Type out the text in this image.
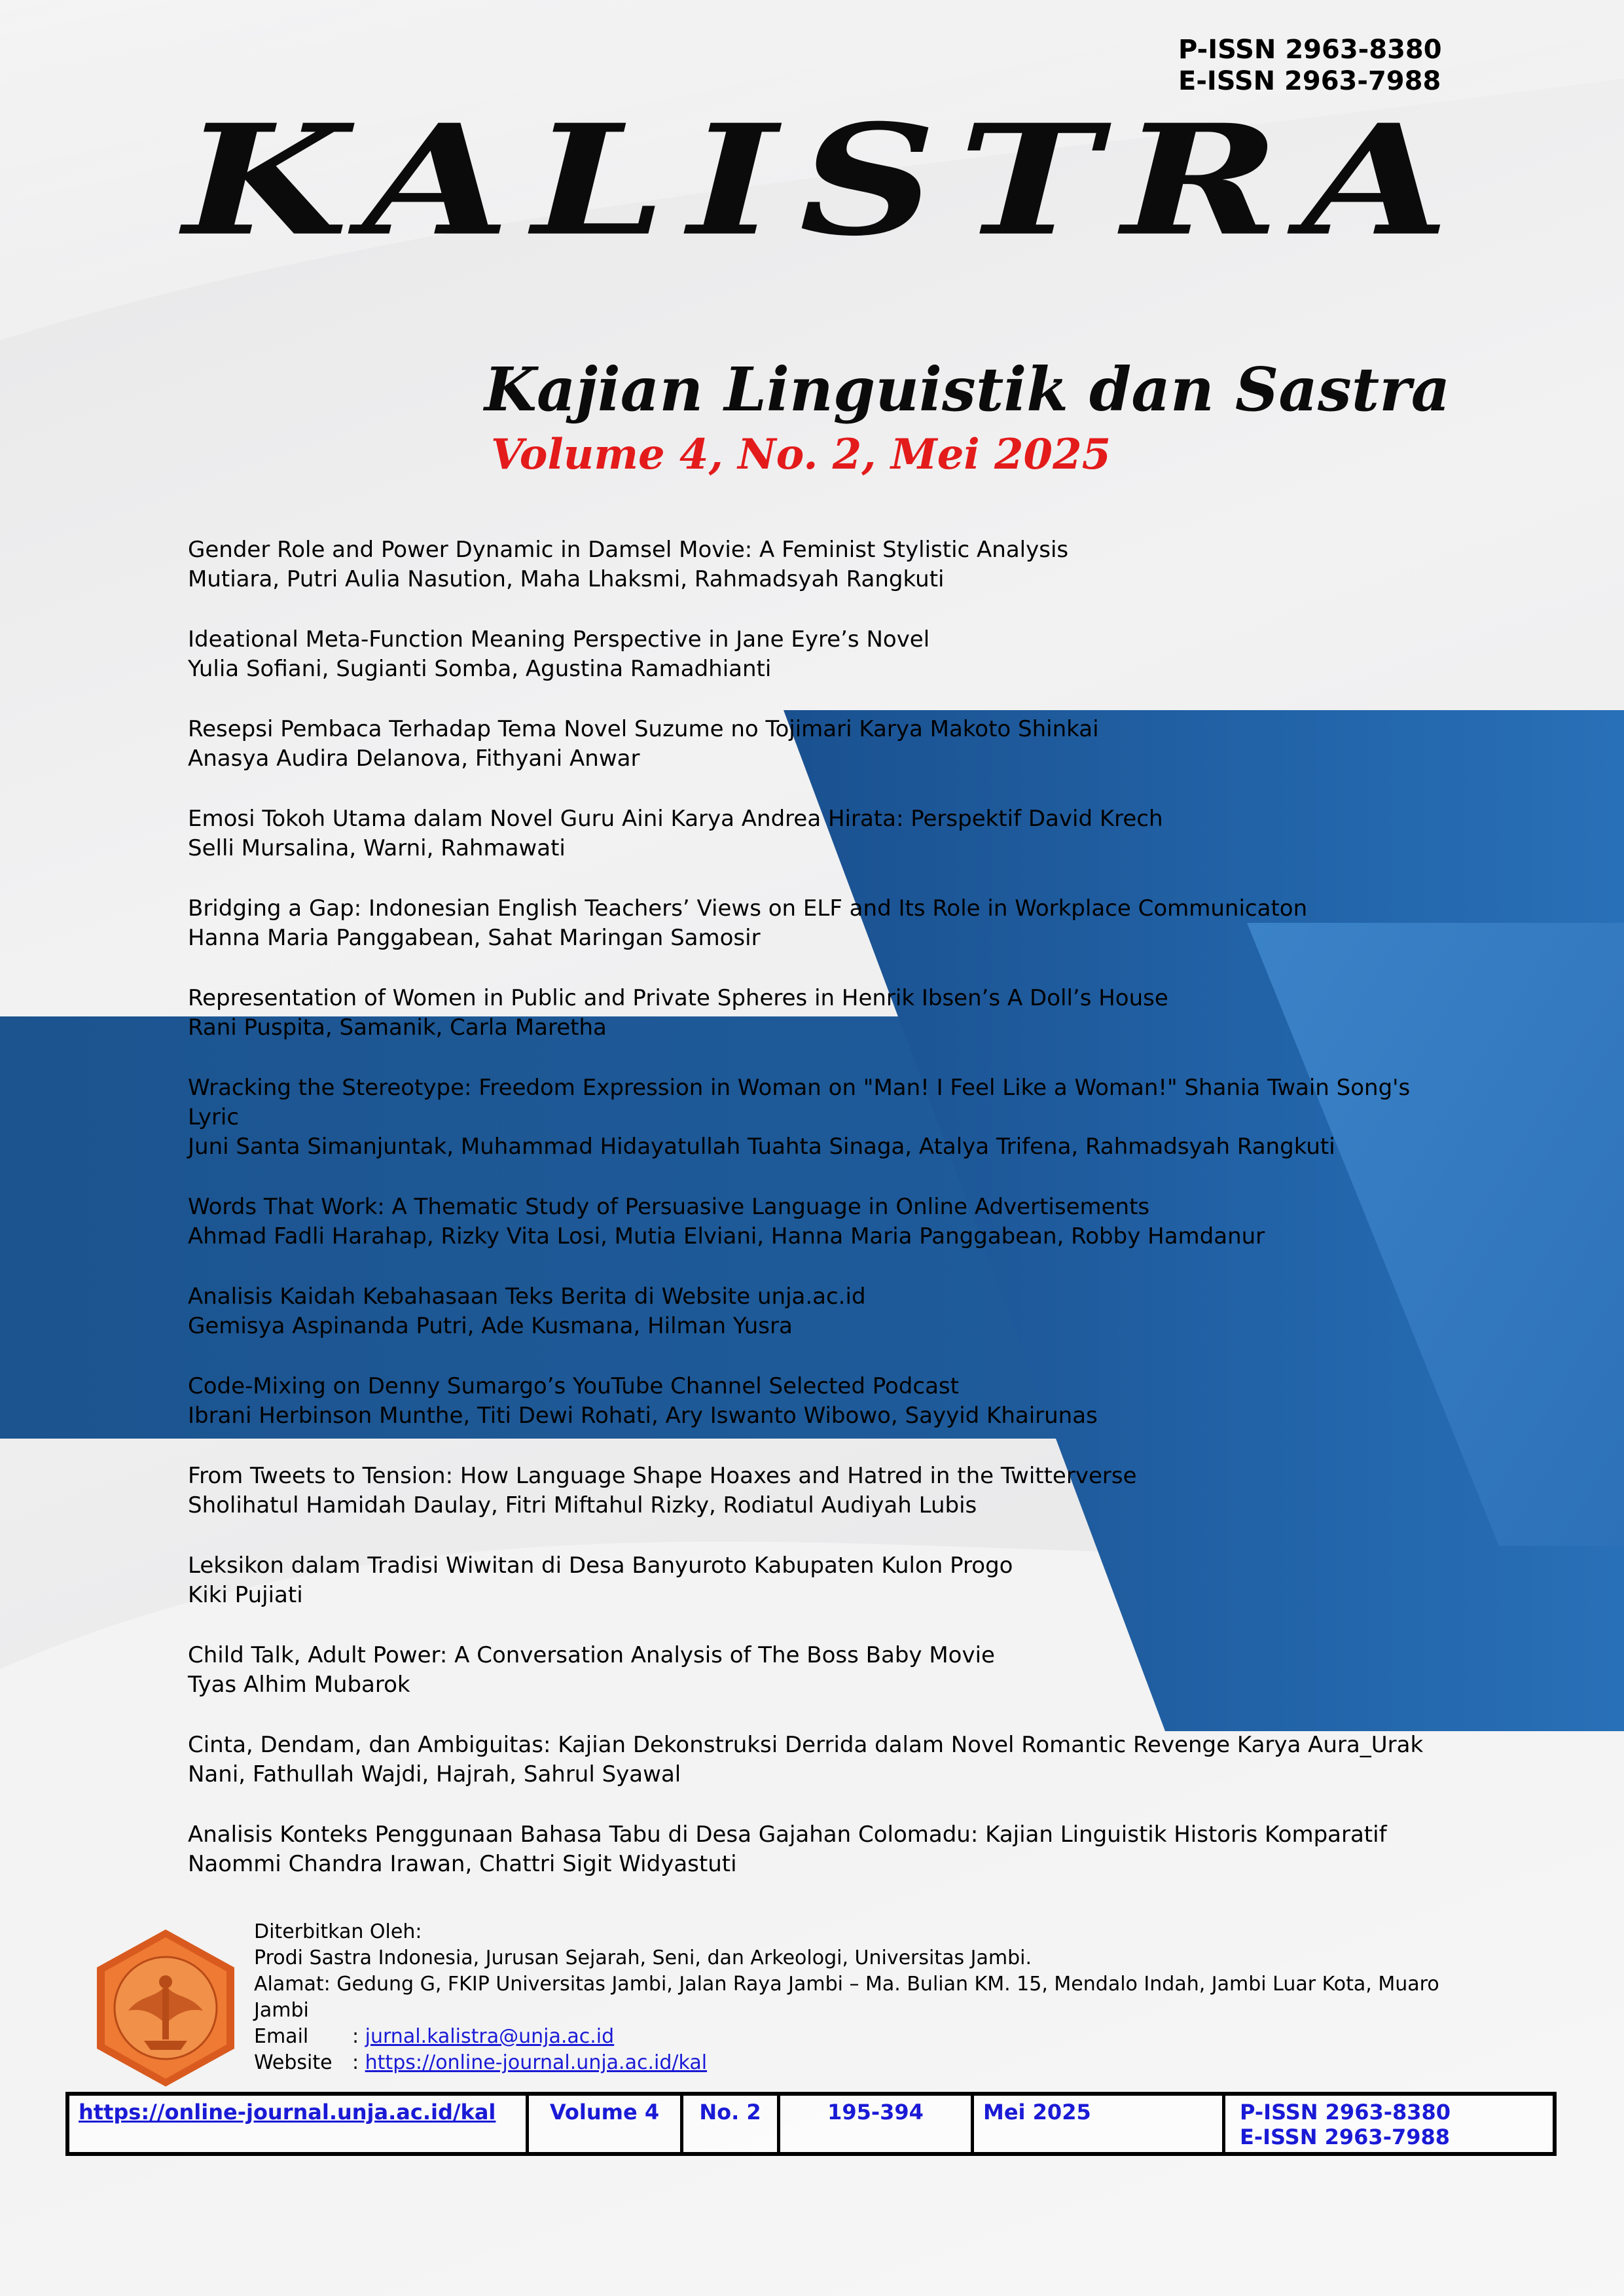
P-ISSN 2963-8380
E-ISSN 2963-7988
KALISTRA
Kajian Linguistik dan Sastra
Volume 4, No. 2, Mei 2025
Gender Role and Power Dynamic in Damsel Movie: A Feminist Stylistic Analysis
Mutiara, Putri Aulia Nasution, Maha Lhaksmi, Rahmadsyah Rangkuti
Ideational Meta-Function Meaning Perspective in Jane Eyre’s Novel
Yulia Sofiani, Sugianti Somba, Agustina Ramadhianti
Resepsi Pembaca Terhadap Tema Novel Suzume no Tojimari Karya Makoto Shinkai
Anasya Audira Delanova, Fithyani Anwar
Emosi Tokoh Utama dalam Novel Guru Aini Karya Andrea Hirata: Perspektif David Krech
Selli Mursalina, Warni, Rahmawati
Bridging a Gap: Indonesian English Teachers’ Views on ELF and Its Role in Workplace Communicaton
Hanna Maria Panggabean, Sahat Maringan Samosir
Representation of Women in Public and Private Spheres in Henrik Ibsen’s A Doll’s House
Rani Puspita, Samanik, Carla Maretha
Wracking the Stereotype: Freedom Expression in Woman on "Man! I Feel Like a Woman!" Shania Twain Song's Lyric
Juni Santa Simanjuntak, Muhammad Hidayatullah Tuahta Sinaga, Atalya Trifena, Rahmadsyah Rangkuti
Words That Work: A Thematic Study of Persuasive Language in Online Advertisements
Ahmad Fadli Harahap, Rizky Vita Losi, Mutia Elviani, Hanna Maria Panggabean, Robby Hamdanur
Analisis Kaidah Kebahasaan Teks Berita di Website unja.ac.id
Gemisya Aspinanda Putri, Ade Kusmana, Hilman Yusra
Code-Mixing on Denny Sumargo’s YouTube Channel Selected Podcast
Ibrani Herbinson Munthe, Titi Dewi Rohati, Ary Iswanto Wibowo, Sayyid Khairunas
From Tweets to Tension: How Language Shape Hoaxes and Hatred in the Twitterverse
Sholihatul Hamidah Daulay, Fitri Miftahul Rizky, Rodiatul Audiyah Lubis
Leksikon dalam Tradisi Wiwitan di Desa Banyuroto Kabupaten Kulon Progo
Kiki Pujiati
Child Talk, Adult Power: A Conversation Analysis of The Boss Baby Movie
Tyas Alhim Mubarok
Cinta, Dendam, dan Ambiguitas: Kajian Dekonstruksi Derrida dalam Novel Romantic Revenge Karya Aura_Urak
Nani, Fathullah Wajdi, Hajrah, Sahrul Syawal
Analisis Konteks Penggunaan Bahasa Tabu di Desa Gajahan Colomadu: Kajian Linguistik Historis Komparatif
Naommi Chandra Irawan, Chattri Sigit Widyastuti
Diterbitkan Oleh:
Prodi Sastra Indonesia, Jurusan Sejarah, Seni, dan Arkeologi, Universitas Jambi.
Alamat: Gedung G, FKIP Universitas Jambi, Jalan Raya Jambi – Ma. Bulian KM. 15, Mendalo Indah, Jambi Luar Kota, Muaro Jambi
Email : jurnal.kalistra@unja.ac.id
Website : https://online-journal.unja.ac.id/kal
https://online-journal.unja.ac.id/kal	Volume 4	No. 2	195-394	Mei 2025	P-ISSN 2963-8380
E-ISSN 2963-7988
